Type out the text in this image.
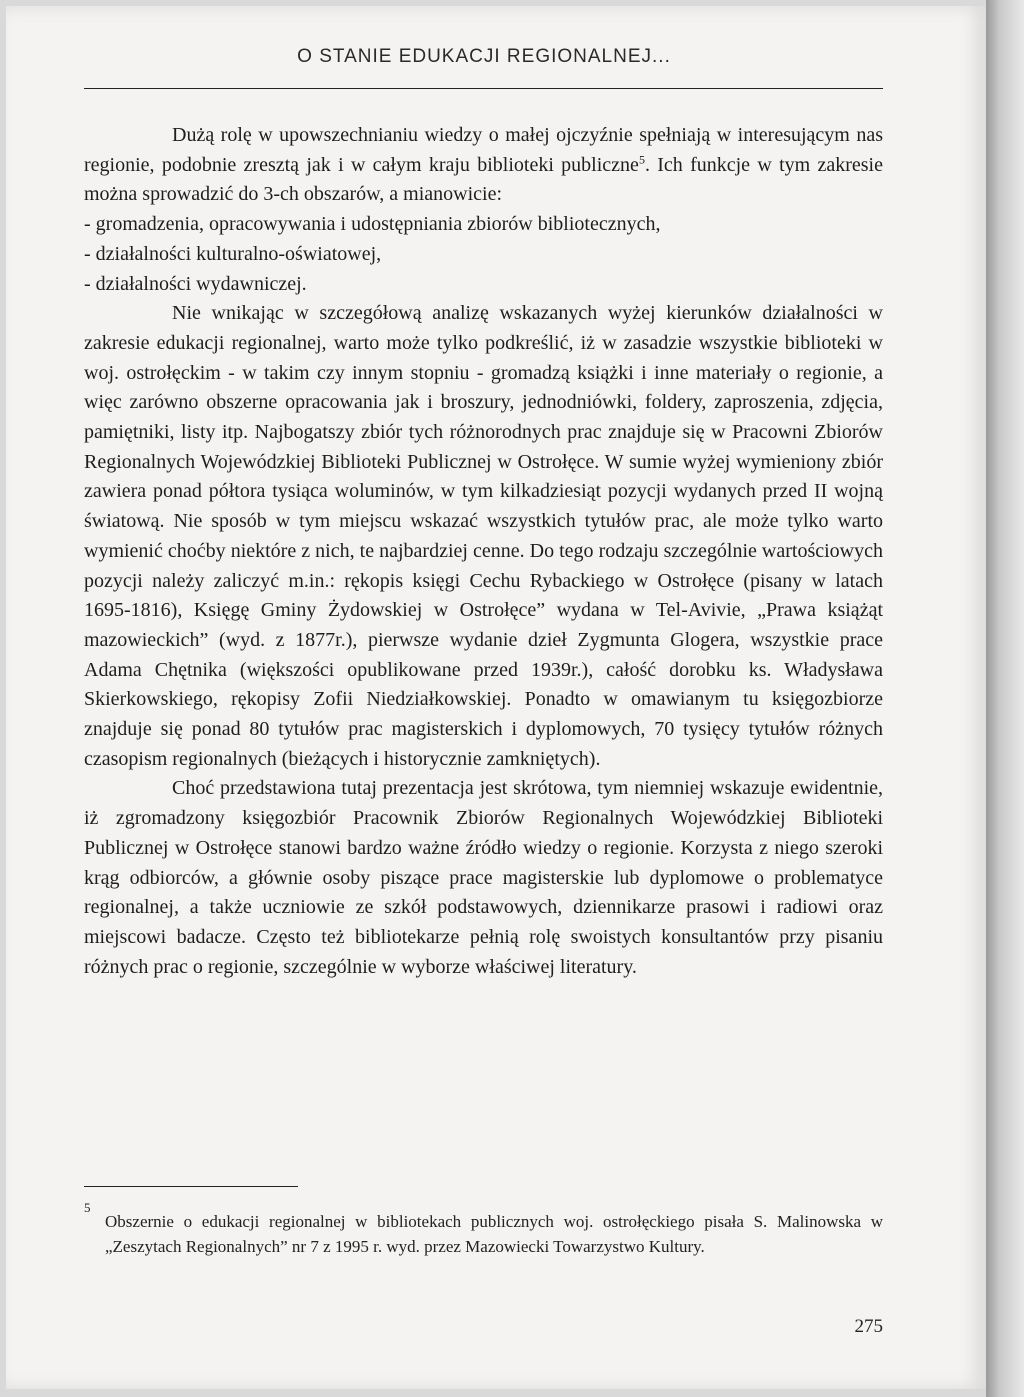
O STANIE EDUKACJI REGIONALNEJ...

Dużą rolę w upowszechnianiu wiedzy o małej ojczyźnie spełniają w interesującym nas regionie, podobnie zresztą jak i w całym kraju biblioteki publiczne$^5$. Ich funkcje w tym zakresie można sprowadzić do 3-ch obszarów, a mianowicie:

- gromadzenia, opracowywania i udostępniania zbiorów bibliotecznych,

- działalności kulturalno-oświatowej,

- działalności wydawniczej.

Nie wnikając w szczegółową analizę wskazanych wyżej kierunków działalności w zakresie edukacji regionalnej, warto może tylko podkreślić, iż w zasadzie wszystkie biblioteki w woj. ostrołęckim - w takim czy innym stopniu - gromadzą książki i inne materiały o regionie, a więc zarówno obszerne opracowania jak i broszury, jednodniówki, foldery, zaproszenia, zdjęcia, pamiętniki, listy itp. Najbogatszy zbiór tych różnorodnych prac znajduje się w Pracowni Zbiorów Regionalnych Wojewódzkiej Biblioteki Publicznej w Ostrołęce. W sumie wyżej wymieniony zbiór zawiera ponad półtora tysiąca woluminów, w tym kilkadziesiąt pozycji wydanych przed II wojną światową. Nie sposób w tym miejscu wskazać wszystkich tytułów prac, ale może tylko warto wymienić choćby niektóre z nich, te najbardziej cenne. Do tego rodzaju szczególnie wartościowych pozycji należy zaliczyć m.in.: rękopis księgi Cechu Rybackiego w Ostrołęce (pisany w latach 1695-1816), Księgę Gminy Żydowskiej w Ostrołęce” wydana w Tel-Avivie, „Prawa książąt mazowieckich” (wyd. z 1877r.), pierwsze wydanie dzieł Zygmunta Glogera, wszystkie prace Adama Chętnika (większości opublikowane przed 1939r.), całość dorobku ks. Władysława Skierkowskiego, rękopisy Zofii Niedziałkowskiej. Ponadto w omawianym tu księgozbiorze znajduje się ponad 80 tytułów prac magisterskich i dyplomowych, 70 tysięcy tytułów różnych czasopism regionalnych (bieżących i historycznie zamkniętych).

Choć przedstawiona tutaj prezentacja jest skrótowa, tym niemniej wskazuje ewidentnie, iż zgromadzony księgozbiór Pracownik Zbiorów Regionalnych Wojewódzkiej Biblioteki Publicznej w Ostrołęce stanowi bardzo ważne źródło wiedzy o regionie. Korzysta z niego szeroki krąg odbiorców, a głównie osoby piszące prace magisterskie lub dyplomowe o problematyce regionalnej, a także uczniowie ze szkół podstawowych, dziennikarze prasowi i radiowi oraz miejscowi badacze. Często też bibliotekarze pełnią rolę swoistych konsultantów przy pisaniu różnych prac o regionie, szczególnie w wyborze właściwej literatury.

5
Obszernie o edukacji regionalnej w bibliotekach publicznych woj. ostrołęckiego pisała S. Malinowska w „Zeszytach Regionalnych” nr 7 z 1995 r. wyd. przez Mazowiecki Towarzystwo Kultury.
275
